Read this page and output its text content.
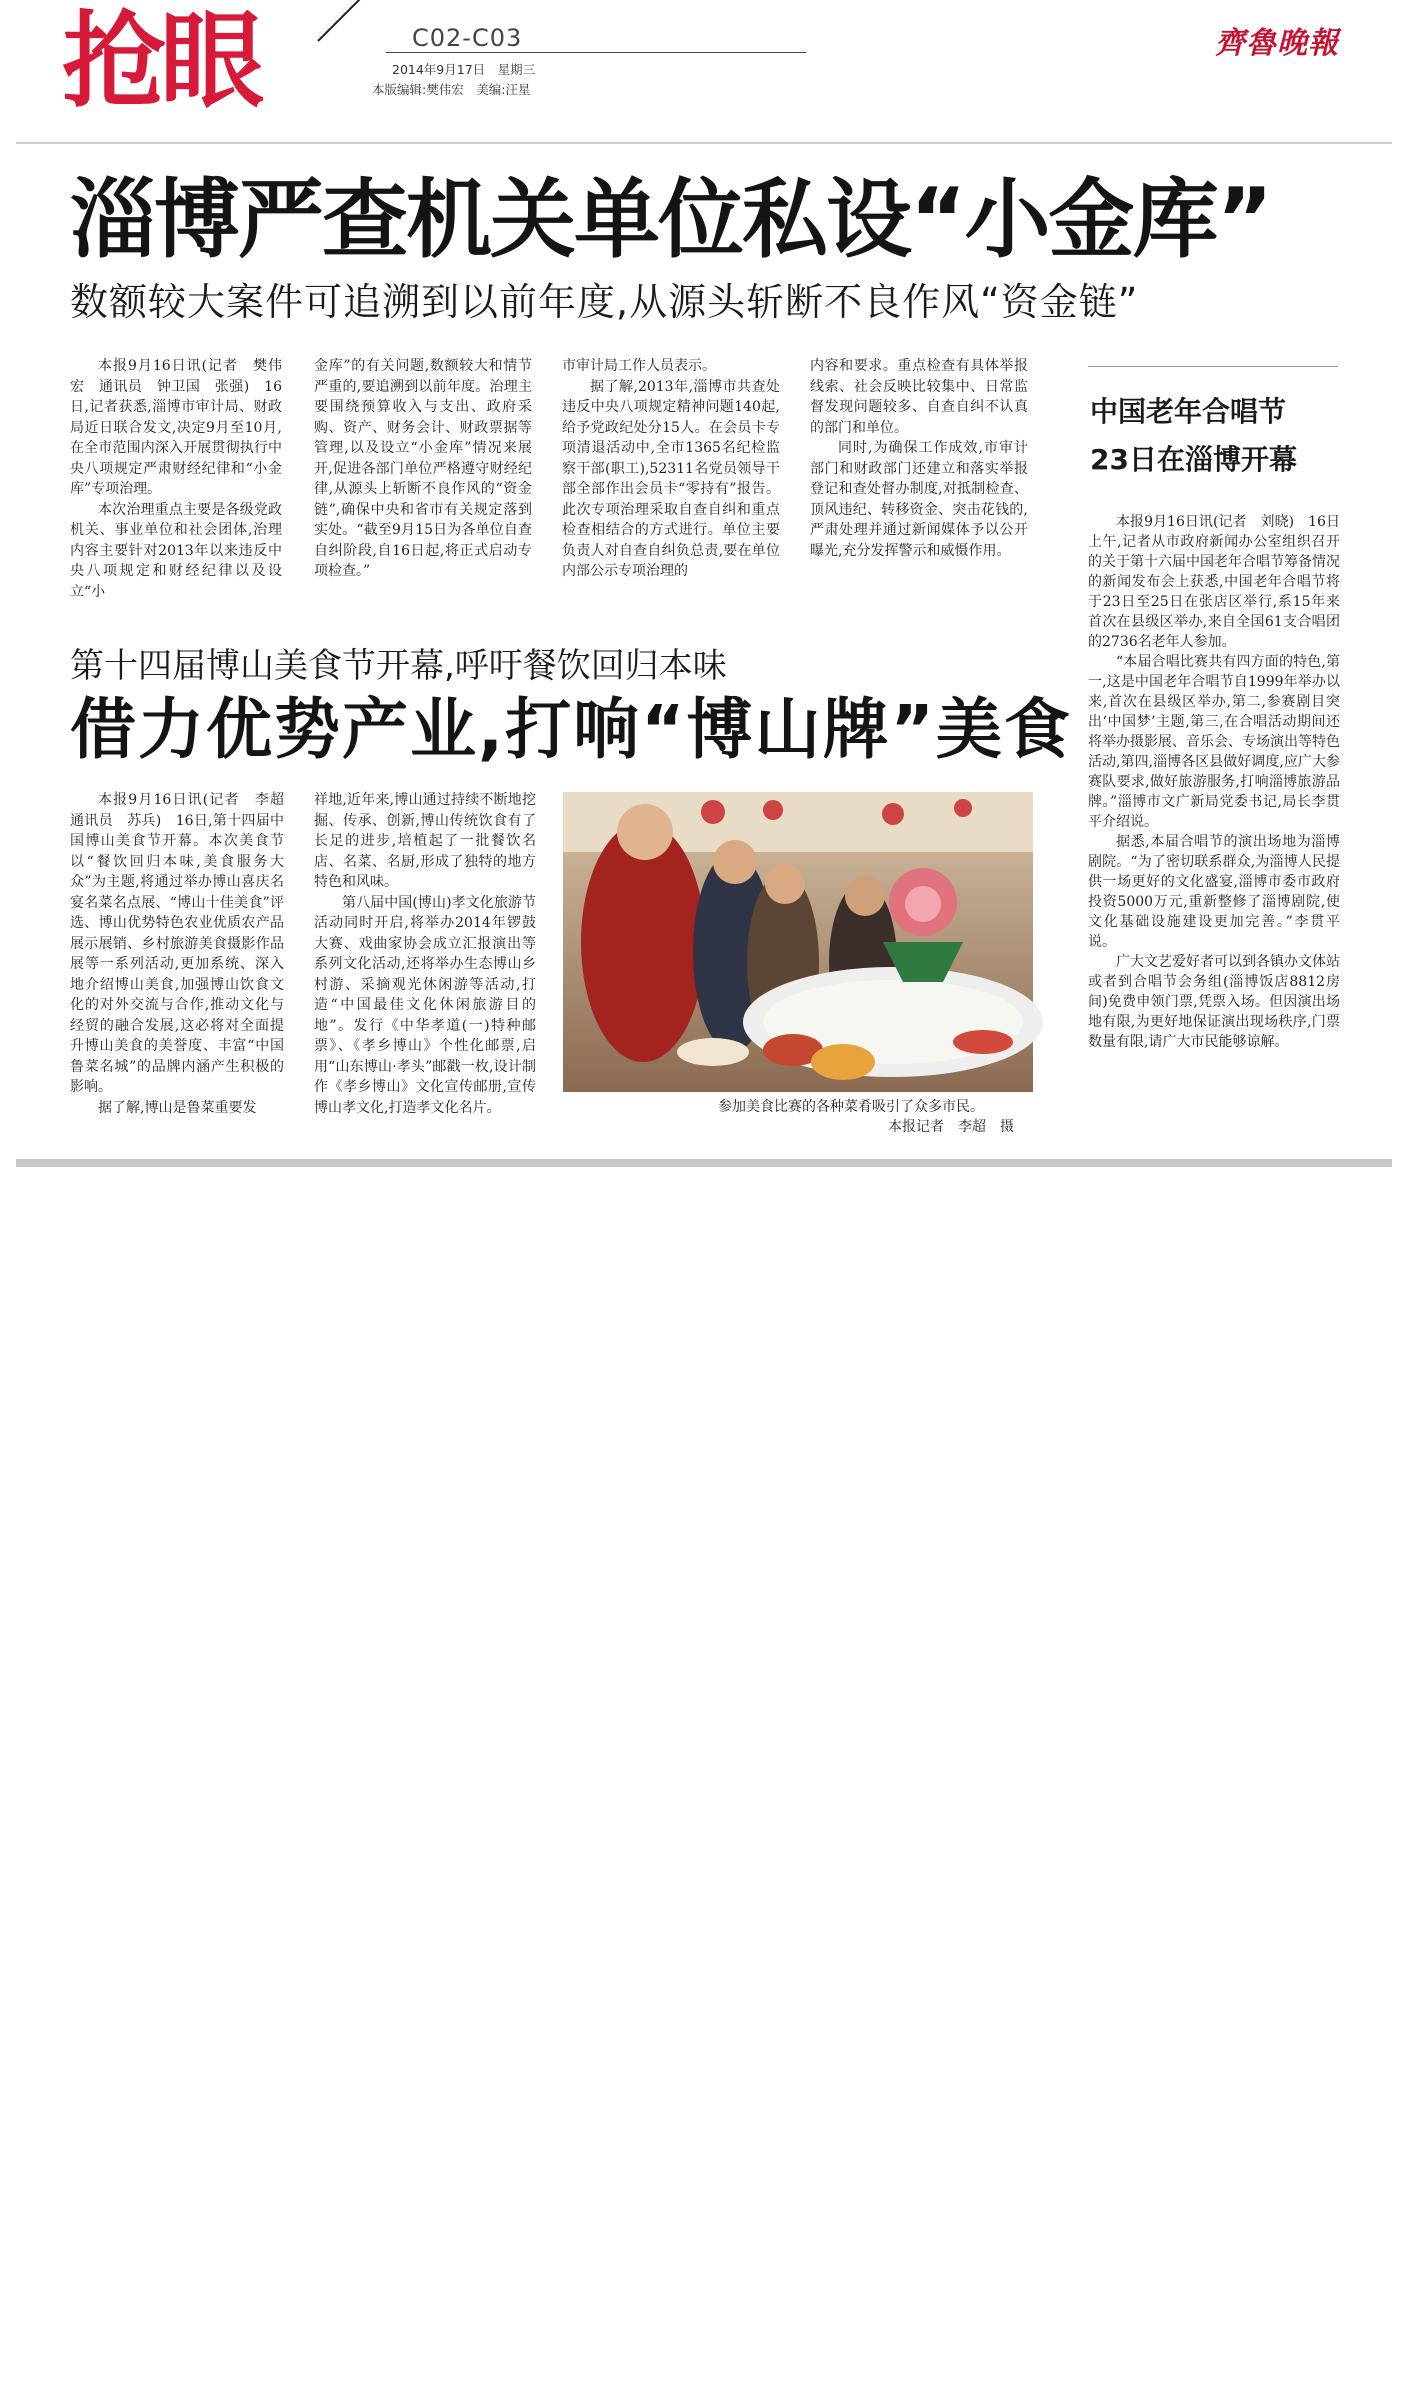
抢眼	C02-C03
2014年9月17日　星期三
本版编辑:樊伟宏　美编:汪星
齊魯晚報
淄博严查机关单位私设“小金库”
数额较大案件可追溯到以前年度,从源头斩断不良作风“资金链”

本报9月16日讯(记者　樊伟宏　通讯员　钟卫国　张强)　16日,记者获悉,淄博市审计局、财政局近日联合发文,决定9月至10月,在全市范围内深入开展贯彻执行中央八项规定严肃财经纪律和“小金库”专项治理。

本次治理重点主要是各级党政机关、事业单位和社会团体,治理内容主要针对2013年以来违反中央八项规定和财经纪律以及设立“小

金库”的有关问题,数额较大和情节严重的,要追溯到以前年度。治理主要围绕预算收入与支出、政府采购、资产、财务会计、财政票据等管理,以及设立“小金库”情况来展开,促进各部门单位严格遵守财经纪律,从源头上斩断不良作风的“资金链”,确保中央和省市有关规定落到实处。“截至9月15日为各单位自查自纠阶段,自16日起,将正式启动专项检查。”

市审计局工作人员表示。

据了解,2013年,淄博市共查处违反中央八项规定精神问题140起,给予党政纪处分15人。在会员卡专项清退活动中,全市1365名纪检监察干部(职工),52311名党员领导干部全部作出会员卡“零持有”报告。此次专项治理采取自查自纠和重点检查相结合的方式进行。单位主要负责人对自查自纠负总责,要在单位内部公示专项治理的

内容和要求。重点检查有具体举报线索、社会反映比较集中、日常监督发现问题较多、自查自纠不认真的部门和单位。

同时,为确保工作成效,市审计部门和财政部门还建立和落实举报登记和查处督办制度,对抵制检查、顶风违纪、转移资金、突击花钱的,严肃处理并通过新闻媒体予以公开曝光,充分发挥警示和威慑作用。

第十四届博山美食节开幕,呼吁餐饮回归本味
借力优势产业,打响“博山牌”美食

本报9月16日讯(记者　李超　通讯员　苏兵)　16日,第十四届中国博山美食节开幕。本次美食节以“餐饮回归本味,美食服务大众”为主题,将通过举办博山喜庆名宴名菜名点展、“博山十佳美食”评选、博山优势特色农业优质农产品展示展销、乡村旅游美食摄影作品展等一系列活动,更加系统、深入地介绍博山美食,加强博山饮食文化的对外交流与合作,推动文化与经贸的融合发展,这必将对全面提升博山美食的美誉度、丰富“中国鲁菜名城”的品牌内涵产生积极的影响。

据了解,博山是鲁菜重要发

祥地,近年来,博山通过持续不断地挖掘、传承、创新,博山传统饮食有了长足的进步,培植起了一批餐饮名店、名菜、名厨,形成了独特的地方特色和风味。

第八届中国(博山)孝文化旅游节活动同时开启,将举办2014年锣鼓大赛、戏曲家协会成立汇报演出等系列文化活动,还将举办生态博山乡村游、采摘观光休闲游等活动,打造“中国最佳文化休闲旅游目的地”。发行《中华孝道(一)特种邮票》、《孝乡博山》个性化邮票,启用“山东博山·孝头”邮戳一枚,设计制作《孝乡博山》文化宣传邮册,宣传博山孝文化,打造孝文化名片。	参加美食比赛的各种菜肴吸引了众多市民。
本报记者　李超　摄
中国老年合唱节
23日在淄博开幕

本报9月16日讯(记者　刘晓)　16日上午,记者从市政府新闻办公室组织召开的关于第十六届中国老年合唱节筹备情况的新闻发布会上获悉,中国老年合唱节将于23日至25日在张店区举行,系15年来首次在县级区举办,来自全国61支合唱团的2736名老年人参加。

“本届合唱比赛共有四方面的特色,第一,这是中国老年合唱节自1999年举办以来,首次在县级区举办,第二,参赛剧目突出‘中国梦’主题,第三,在合唱活动期间还将举办摄影展、音乐会、专场演出等特色活动,第四,淄博各区县做好调度,应广大参赛队要求,做好旅游服务,打响淄博旅游品牌。”淄博市文广新局党委书记,局长李贯平介绍说。

据悉,本届合唱节的演出场地为淄博剧院。“为了密切联系群众,为淄博人民提供一场更好的文化盛宴,淄博市委市政府投资5000万元,重新整修了淄博剧院,使文化基础设施建设更加完善。”李贯平说。

广大文艺爱好者可以到各镇办文体站或者到合唱节会务组(淄博饭店8812房间)免费申领门票,凭票入场。但因演出场地有限,为更好地保证演出现场秩序,门票数量有限,请广大市民能够谅解。
